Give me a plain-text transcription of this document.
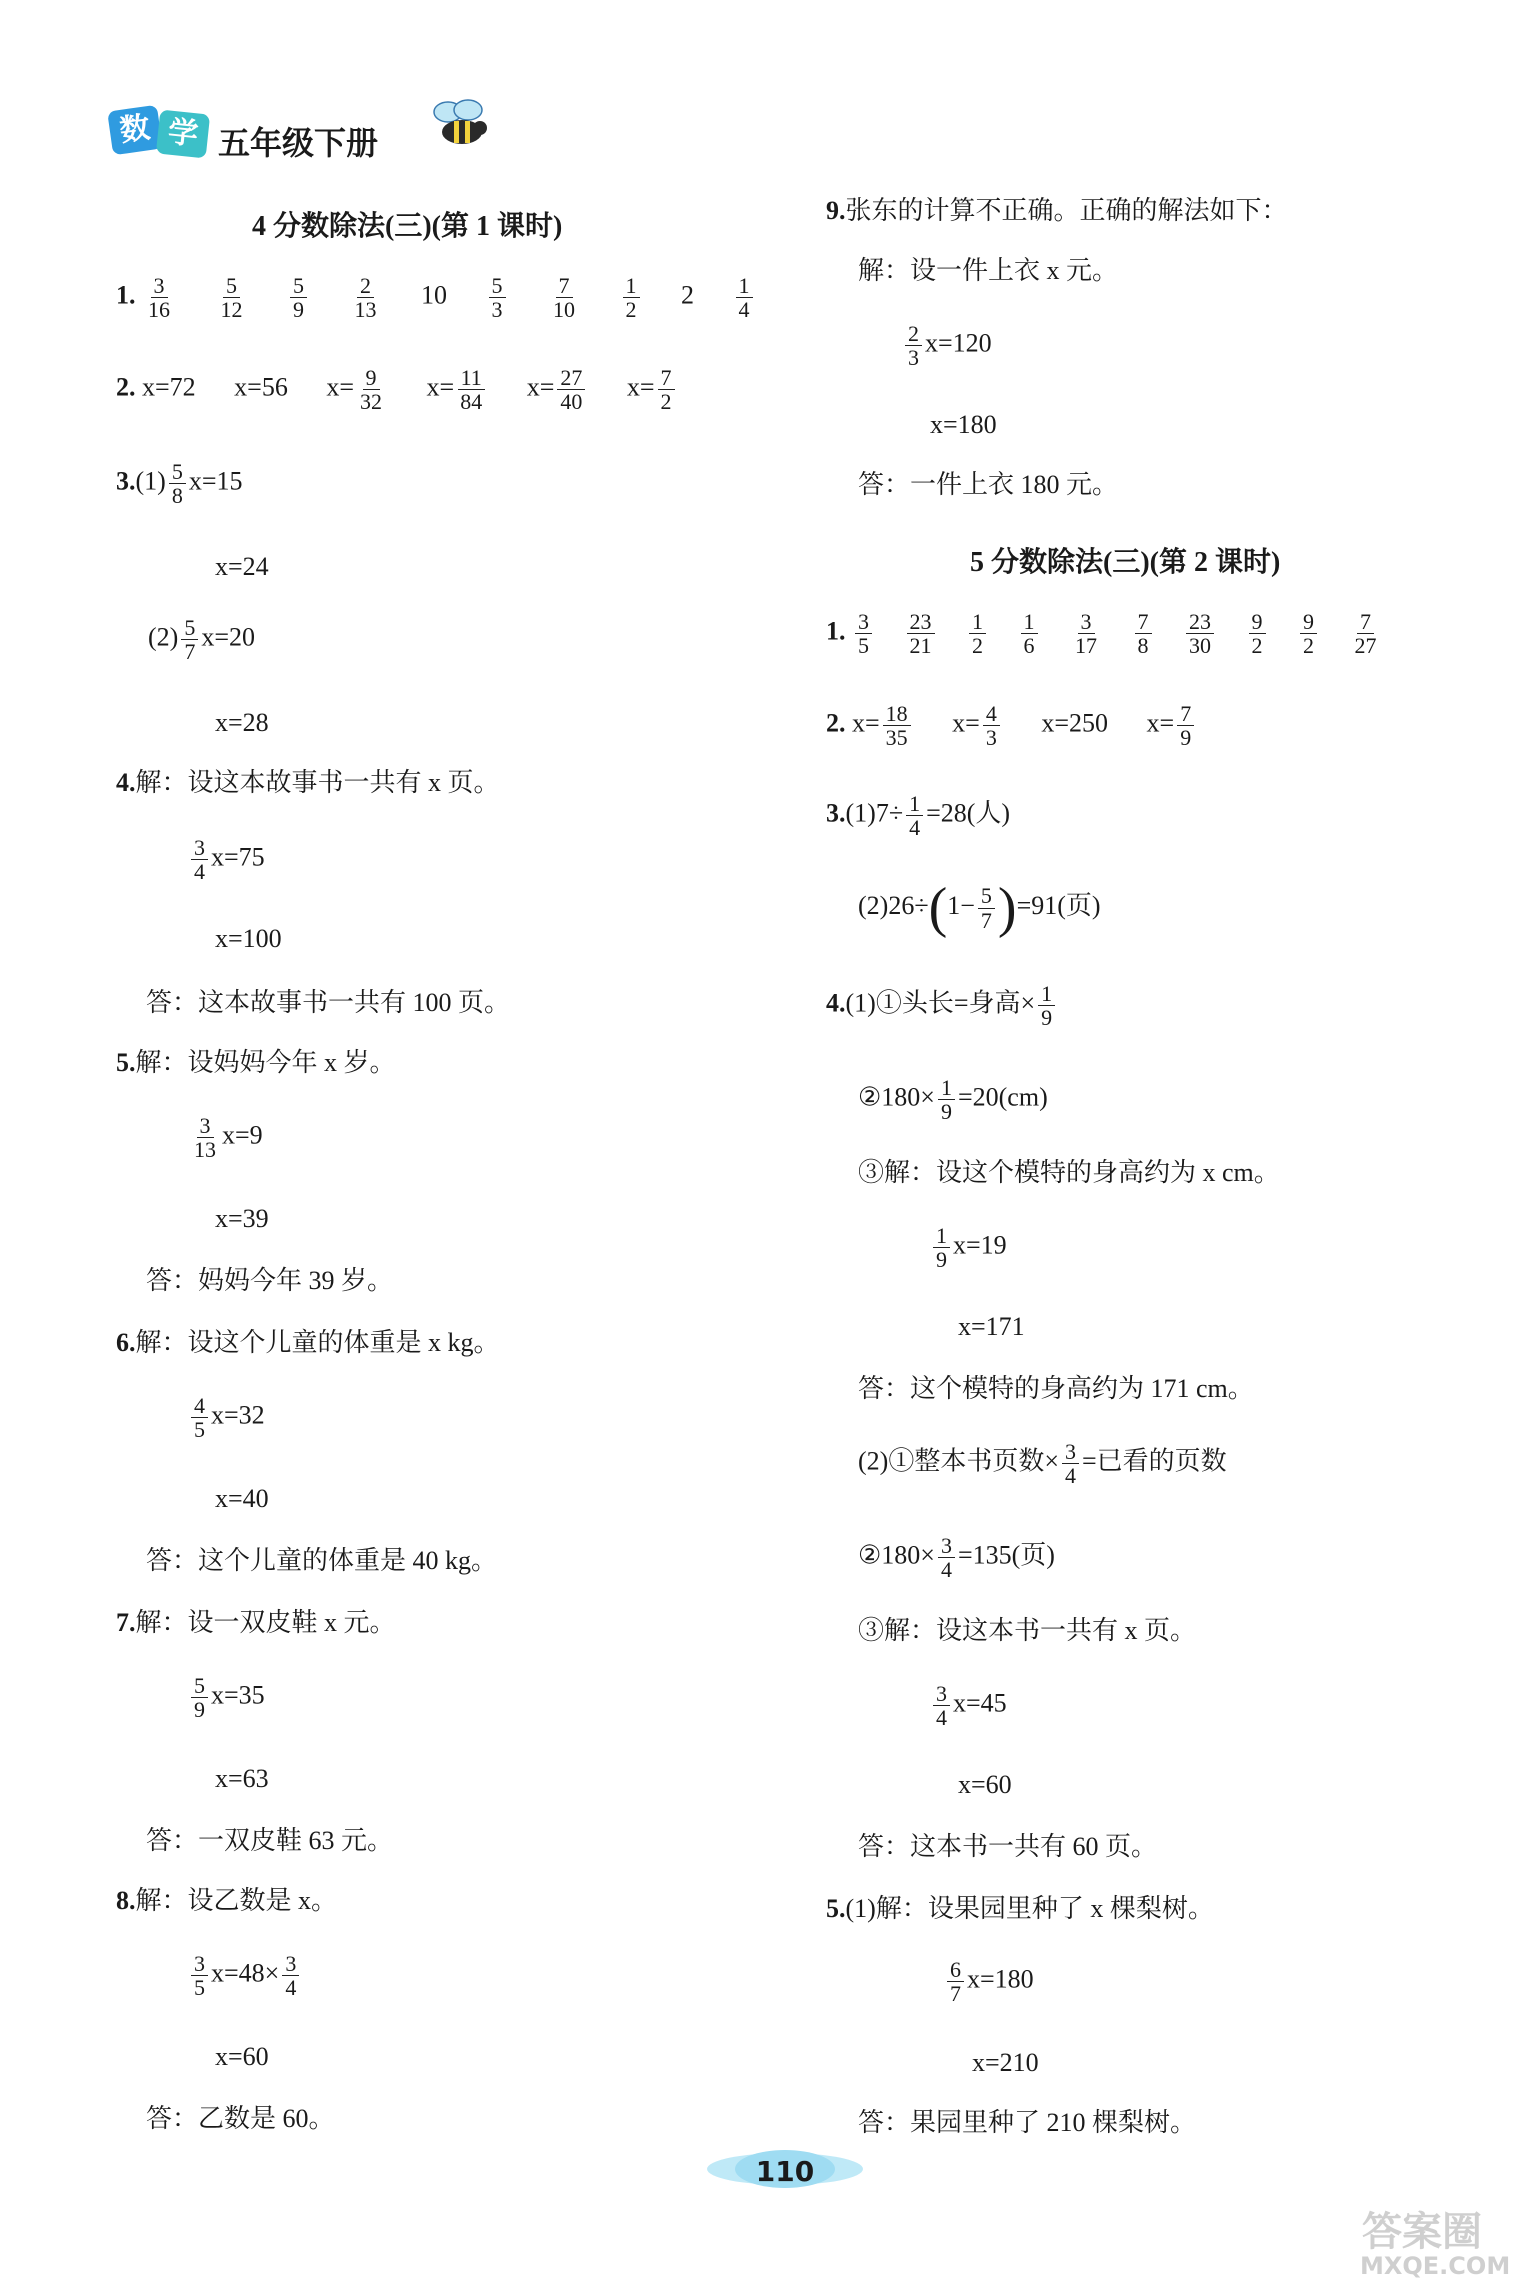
数 学 五年级下册
4 分数除法(三)(第 1 课时)
1. $\frac{3}{16}$
$\frac{5}{12}$
$\frac{5}{9}$
$\frac{2}{13} 10 \frac{5}{3}$
$\frac{7}{10}$
$\frac{1}{2} 2 \frac{1}{4}$
2. x=72 x=56 $x= \frac{9}{32} x= \frac{11}{84} x= \frac{27}{40} x= \frac{7}{2}$
$3.(1) \frac{5}{8} x=15$
x=24
$(2) \frac{5}{7} x=20$
x=28
4.解：设这本故事书一共有 x 页。
$\frac{3}{4} x=75$
x=100
答：这本故事书一共有 100 页。
5.解：设妈妈今年 x 岁。
$\frac{3}{13} x=9$
x=39
答：妈妈今年 39 岁。
6.解：设这个儿童的体重是 x kg。
$\frac{4}{5} x=32$
x=40
答：这个儿童的体重是 40 kg。
7.解：设一双皮鞋 x 元。
$\frac{5}{9} x=35$
x=63
答：一双皮鞋 63 元。
8.解：设乙数是 x。
$\frac{3}{5} x=48\times \frac{3}{4}$
x=60
答：乙数是 60。
9.张东的计算不正确。正确的解法如下：
解：设一件上衣 x 元。
$\frac{2}{3} x=120$
x=180
答：一件上衣 180 元。
5 分数除法(三)(第 2 课时)
1. $\frac{3}{5}$
$\frac{23}{21}$
$\frac{1}{2}$
$\frac{1}{6}$
$\frac{3}{17}$
$\frac{7}{8}$
$\frac{23}{30}$
$\frac{9}{2}$
$\frac{9}{2}$
$\frac{7}{27}$
2. $x= \frac{18}{35} x= \frac{4}{3} x=250$ $x= \frac{7}{9}$
$3.(1)7\div \frac{1}{4} =28$(人)
$(2)26\div(1- \frac{5}{7} )=91$(页)
4.(1)①头长=身高× $\frac{1}{9}$
②180× $\frac{1}{9} =20(cm)$
③解：设这个模特的身高约为 x cm。
$\frac{1}{9} x=19$
x=171
答：这个模特的身高约为 171 cm。
(2)①整本书页数× $\frac{3}{4}$ =已看的页数
②180× $\frac{3}{4} =135$(页)
③解：设这本书一共有 x 页。
$\frac{3}{4} x=45$
x=60
答：这本书一共有 60 页。
5.(1)解：设果园里种了 x 棵梨树。
$\frac{6}{7} x=180$
x=210
答：果园里种了 210 棵梨树。
110
答案圈
MXQE.COM
